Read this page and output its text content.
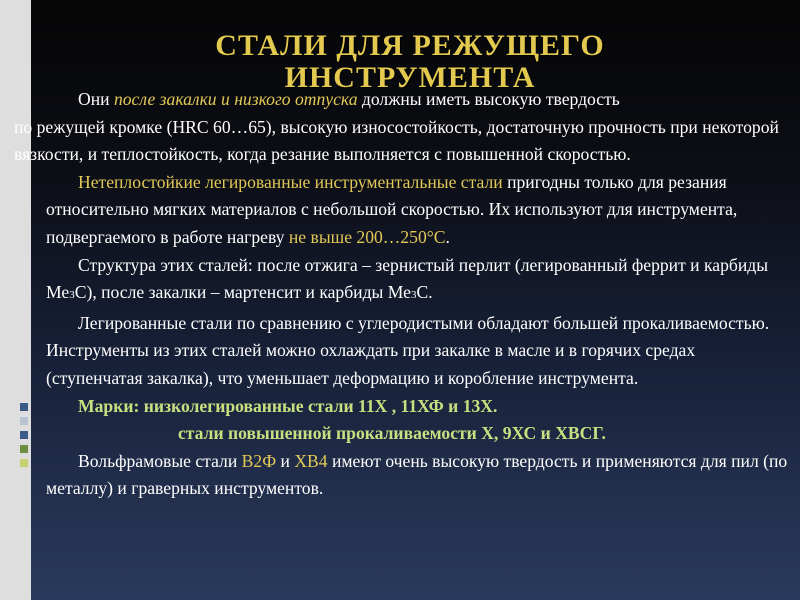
СТАЛИ ДЛЯ РЕЖУЩЕГО
ИНСТРУМЕНТА

Они после закалки и низкого отпуска должны иметь высокую твердость
по режущей кромке (HRC 60…65), высокую износостойкость, достаточную прочность при некоторой вязкости, и теплостойкость, когда резание выполняется с повышенной скоростью.

Нетеплостойкие легированные инструментальные стали пригодны только для резания относительно мягких материалов с небольшой скоростью. Их используют для инструмента, подвергаемого в работе нагреву не выше 200…250°С.

Структура этих сталей: после отжига – зернистый перлит (легированный феррит и карбиды Ме3С), после закалки – мартенсит и карбиды Ме3С.

Легированные стали по сравнению с углеродистыми обладают большей прокаливаемостью. Инструменты из этих сталей можно охлаждать при закалке в масле и в горячих средах (ступенчатая закалка), что уменьшает деформацию и коробление инструмента.

Марки: низколегированные стали 11Х , 11ХФ и 13Х.

стали повышенной прокаливаемости Х, 9ХС и ХВСГ.

Вольфрамовые стали В2Ф и ХВ4 имеют очень высокую твердость и применяются для пил (по металлу) и граверных инструментов.
